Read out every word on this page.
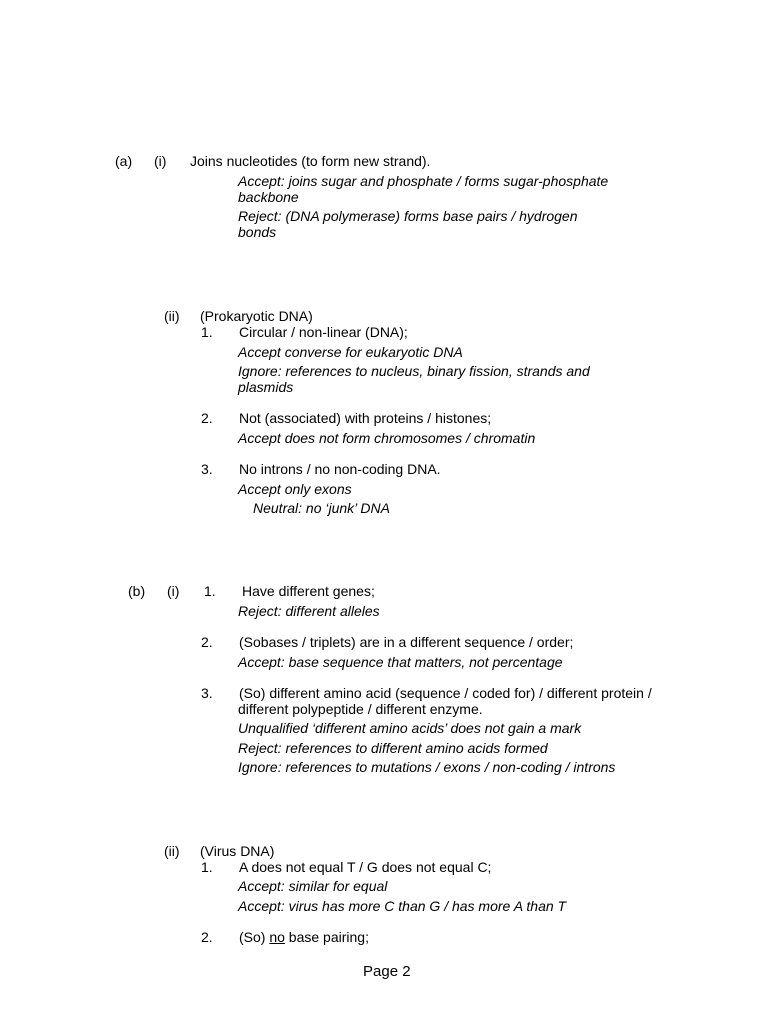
(a) (i) Joins nucleotides (to form new strand).
Accept: joins sugar and phosphate / forms sugar-phosphate
backbone
Reject: (DNA polymerase) forms base pairs / hydrogen
bonds
(ii) (Prokaryotic DNA)
1. Circular / non-linear (DNA);
Accept converse for eukaryotic DNA
Ignore: references to nucleus, binary fission, strands and
plasmids
2. Not (associated) with proteins / histones;
Accept does not form chromosomes / chromatin
3. No introns / no non-coding DNA.
Accept only exons
Neutral: no ‘junk’ DNA
(b) (i) 1. Have different genes;
Reject: different alleles
2. (Sobases / triplets) are in a different sequence / order;
Accept: base sequence that matters, not percentage
3. (So) different amino acid (sequence / coded for) / different protein /
different polypeptide / different enzyme.
Unqualified ‘different amino acids’ does not gain a mark
Reject: references to different amino acids formed
Ignore: references to mutations / exons / non-coding / introns
(ii) (Virus DNA)
1. A does not equal T / G does not equal C;
Accept: similar for equal
Accept: virus has more C than G / has more A than T
2. (So) no base pairing;
Page 2
